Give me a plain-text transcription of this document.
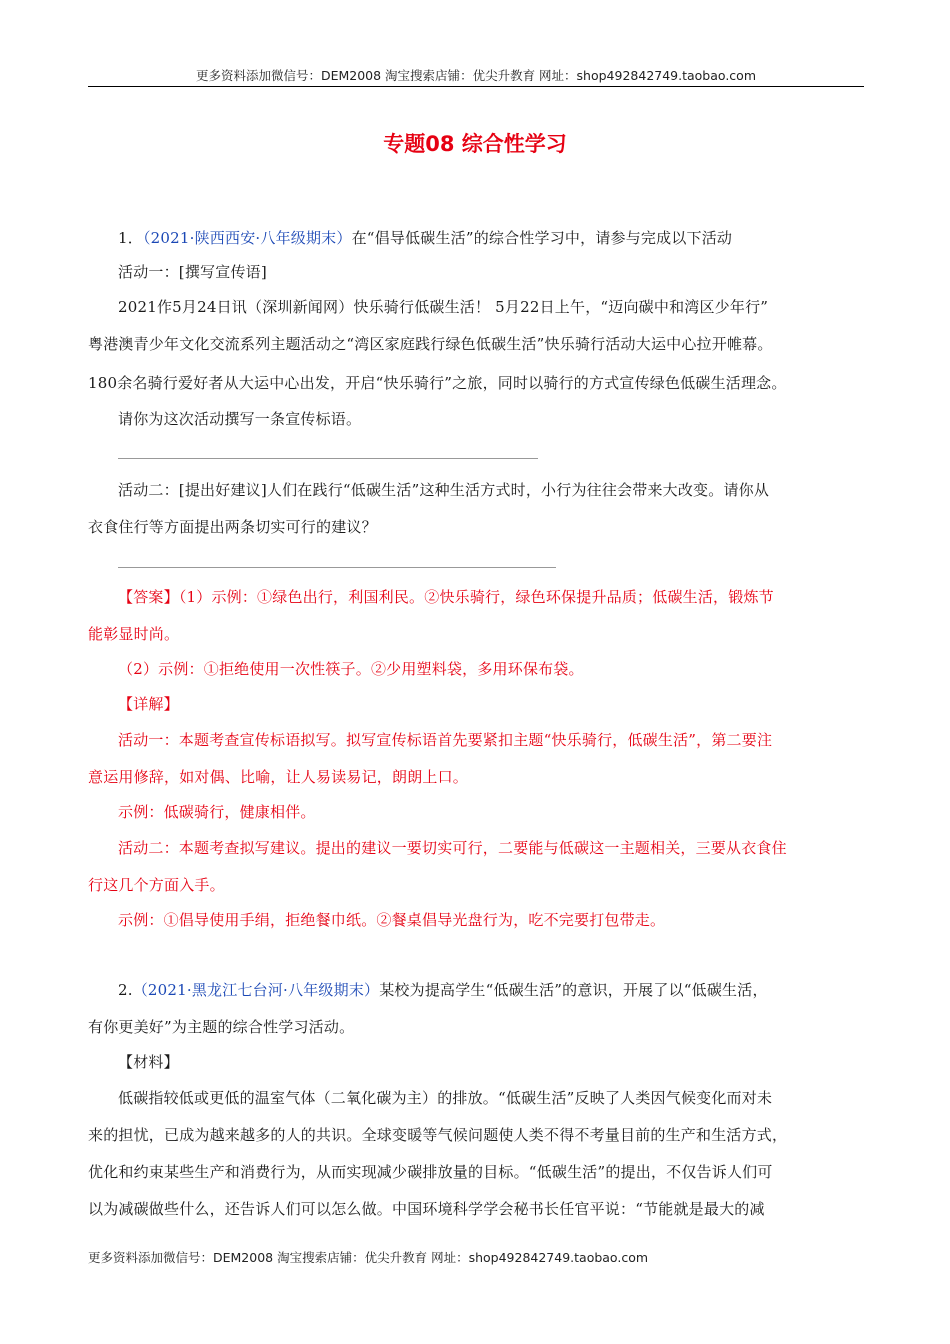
更多资料添加微信号：DEM2008 淘宝搜索店铺：优尖升教育 网址：shop492842749.taobao.com
专题08 综合性学习
1．（2021·陕西西安·八年级期末）在“倡导低碳生活”的综合性学习中，请参与完成以下活动
活动一：[撰写宣传语]
2021作5月24日讯（深圳新闻网）快乐骑行低碳生活！ 5月22日上午，“迈向碳中和湾区少年行”
粤港澳青少年文化交流系列主题活动之“湾区家庭践行绿色低碳生活”快乐骑行活动大运中心拉开帷幕。
180余名骑行爱好者从大运中心出发，开启“快乐骑行”之旅，同时以骑行的方式宣传绿色低碳生活理念。
请你为这次活动撰写一条宣传标语。
活动二：[提出好建议]人们在践行“低碳生活”这种生活方式时，小行为往往会带来大改变。请你从
衣食住行等方面提出两条切实可行的建议？
【答案】（1）示例：①绿色出行，利国利民。②快乐骑行，绿色环保提升品质；低碳生活，锻炼节
能彰显时尚。
（2）示例：①拒绝使用一次性筷子。②少用塑料袋，多用环保布袋。
【详解】
活动一：本题考查宣传标语拟写。拟写宣传标语首先要紧扣主题“快乐骑行，低碳生活”，第二要注
意运用修辞，如对偶、比喻，让人易读易记，朗朗上口。
示例：低碳骑行，健康相伴。
活动二：本题考查拟写建议。提出的建议一要切实可行，二要能与低碳这一主题相关，三要从衣食住
行这几个方面入手。
示例：①倡导使用手绢，拒绝餐巾纸。②餐桌倡导光盘行为，吃不完要打包带走。
2.（2021·黑龙江七台河·八年级期末）某校为提高学生“低碳生活”的意识，开展了以“低碳生活，
有你更美好”为主题的综合性学习活动。
【材料】
低碳指较低或更低的温室气体（二氧化碳为主）的排放。“低碳生活”反映了人类因气候变化而对未
来的担忧，已成为越来越多的人的共识。全球变暖等气候问题使人类不得不考量目前的生产和生活方式，
优化和约束某些生产和消费行为，从而实现减少碳排放量的目标。“低碳生活”的提出，不仅告诉人们可
以为减碳做些什么，还告诉人们可以怎么做。中国环境科学学会秘书长任官平说：“节能就是最大的减
更多资料添加微信号：DEM2008 淘宝搜索店铺：优尖升教育 网址：shop492842749.taobao.com
